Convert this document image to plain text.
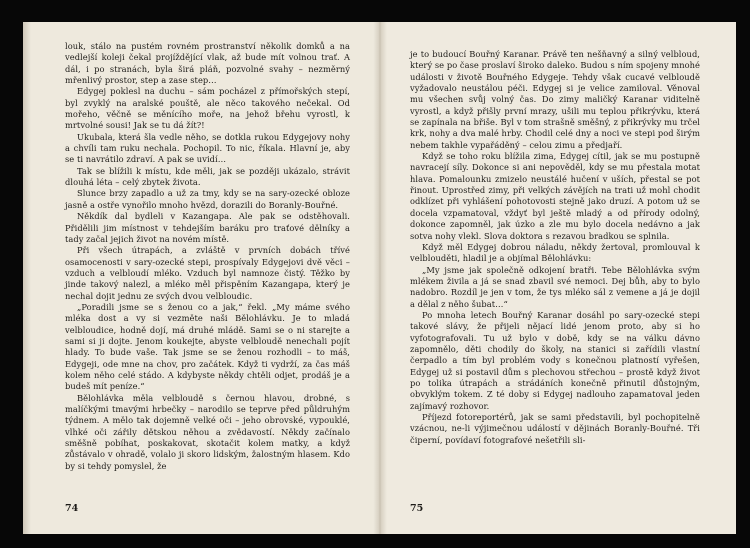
louk, stálo na pustém rovném prostranství několik domků a na vedlejší koleji čekal projíždějící vlak, až bude mít volnou trať. A dál, i po stranách, byla širá pláň, pozvolné svahy – nezměrný mřenlivý prostor, step a zase step…

Edygej poklesl na duchu – sám pocházel z přímořských stepí, byl zvyklý na aralské pouště, ale něco takového nečekal. Od mořeho, věčně se měnícího moře, na jehož břehu vyrostl, k mrtvolné sousi! Jak se tu dá žít?!

Ukubala, která šla vedle něho, se dotkla rukou Edygejovy nohy a chvíli tam ruku nechala. Pochopil. To nic, říkala. Hlavní je, aby se ti navrátilo zdraví. A pak se uvidí…

Tak se blížili k místu, kde měli, jak se později ukázalo, strávit dlouhá léta – celý zbytek života.

Slunce brzy zapadlo a už za tmy, kdy se na sary-ozecké obloze jasně a ostře vynořilo mnoho hvězd, dorazili do Boranly-Bouřné.

Někdík dal bydleli v Kazangapa. Ale pak se odstěhovali. Přidělili jim místnost v tehdejším baráku pro traťové dělníky a tady začal jejich život na novém místě.

Při všech útrapách, a zvláště v prvních dobách třívé osamocenosti v sary-ozecké stepi, prospívaly Edygejovi dvě věci – vzduch a velbloudí mléko. Vzduch byl namnoze čistý. Těžko by jinde takový nalezl, a mléko měl přispěním Kazangapa, který je nechal dojit jednu ze svých dvou velbloudic.

„Poradili jsme se s ženou co a jak,“ řekl. „My máme svého mléka dost a vy si vezměte naši Bělohlávku. Je to mladá velbloudice, hodně dojí, má druhé mládě. Sami se o ni starejte a sami si ji dojte. Jenom koukejte, abyste velbloudě nenechali pojít hlady. To bude vaše. Tak jsme se se ženou rozhodli – to máš, Edygeji, ode mne na chov, pro začátek. Když ti vydrží, za čas máš kolem něho celé stádo. A kdybyste někdy chtěli odjet, prodáš je a budeš mít peníze.“

Bělohlávka měla velbloudě s černou hlavou, drobné, s malíčkými tmavými hrbečky – narodilo se teprve před půldruhým týdnem. A mělo tak dojemně velké oči – jeho obrovské, vypouklé, vlhké oči zářily dětskou něhou a zvědavostí. Někdy začínalo směšně pobíhat, poskakovat, skotačit kolem matky, a když zůstávalo v ohradě, volalo ji skoro lidským, žalostným hlasem. Kdo by si tehdy pomyslel, že

74

je to budoucí Bouřný Karanar. Právě ten nešňavný a silný velbloud, který se po čase proslaví široko daleko. Budou s ním spojeny mnohé události v životě Bouřného Edygeje. Tehdy však cucavé velbloudě vyžadovalo neustálou péči. Edygej si je velice zamiloval. Věnoval mu všechen svůj volný čas. Do zimy maličký Karanar viditelně vyrostl, a když přišly prvnı́ mrazy, ušili mu teplou přikrývku, která se zapínala na břiše. Byl v tom strašně směšný, z přikrývky mu trčel krk, nohy a dva malé hrby. Chodil celé dny a noci ve stepi pod širým nebem takhle vypařáděný – celou zimu a předjaří.

Když se toho roku blížila zima, Edygej cítil, jak se mu postupně navracejí síly. Dokonce si ani nepověděl, kdy se mu přestala motat hlava. Pomalounku zmizelo neustálé hučení v uších, přestal se pot řinout. Uprostřed zimy, při velkých závějích na trati už mohl chodit odklízet při vyhlášení pohotovosti stejně jako druzí. A potom už se docela vzpamatoval, vždyť byl ještě mladý a od přírody odolný, dokonce zapomněl, jak úzko a zle mu bylo docela nedávno a jak sotva nohy vlekl. Slova doktora s rezavou bradkou se splnila.

Když měl Edygej dobrou náladu, někdy žertoval, promlouval k velblouděti, hladil je a objímal Bělohlávku:

„My jsme jak společně odkojení bratři. Tebe Bělohlávka svým mlékem živila a já se snad zbavil své nemoci. Dej bůh, aby to bylo nadobro. Rozdíl je jen v tom, že tys mléko sál z vemene a já je dojil a dělal z něho šubat…“

Po mnoha letech Bouřný Karanar dosáhl po sary-ozecké stepi takové slávy, že přijeli nějací lidé jenom proto, aby si ho vyfotografovali. Tu už bylo v době, kdy se na válku dávno zapomnělo, děti chodily do školy, na stanici si zařídili vlastní čerpadlo a tím byl problém vody s konečnou platností vyřešen, Edygej už si postavil dům s plechovou střechou – prostě když život po tolika útrapách a strádáních konečně přinutil důstojným, obvyklým tokem. Z té doby si Edygej nadlouho zapamatoval jeden zajímavý rozhovor.

Příjezd fotoreportérů, jak se sami představili, byl pochopitelně vzácnou, ne-li výjimečnou událostí v dějinách Boranly-Bouřné. Tři čiperní, povídaví fotografové nešetřili sli-

75
